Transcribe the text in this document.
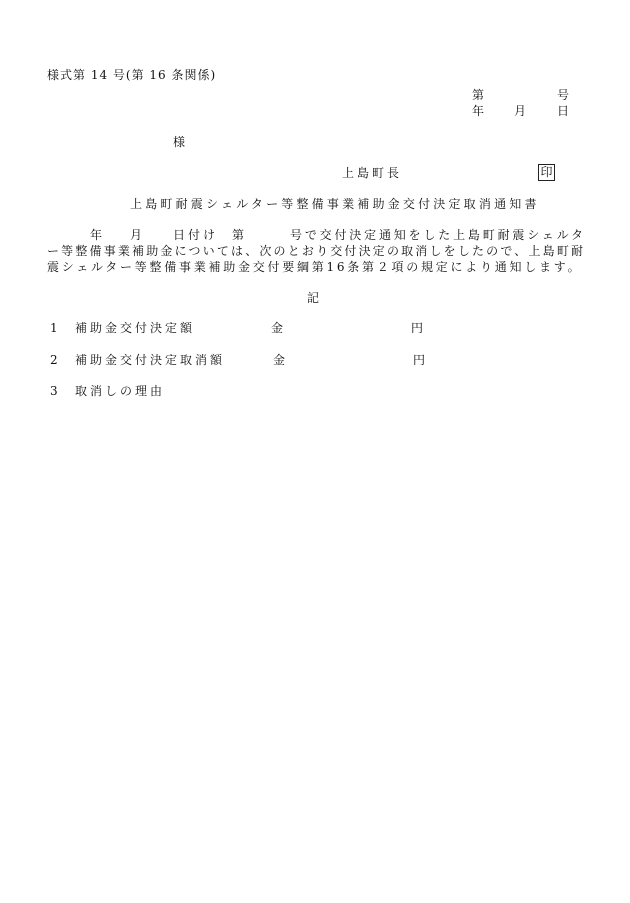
様式第 14 号(第 16 条関係)
第	号
年 月	日
様
上島町長	印
上島町耐震シェルター等整備事業補助金交付決定取消通知書
年 月	日付け 第	号で交付決定通知をした上島町耐震シェルタ
ー等整備事業補助金については、次のとおり交付決定の取消しをしたので、上島町耐
震シェルター等整備事業補助金交付要綱第16条第２項の規定により通知します。
記
1 補助金交付決定額	金	円
2 補助金交付決定取消額	金	円
3 取消しの理由
